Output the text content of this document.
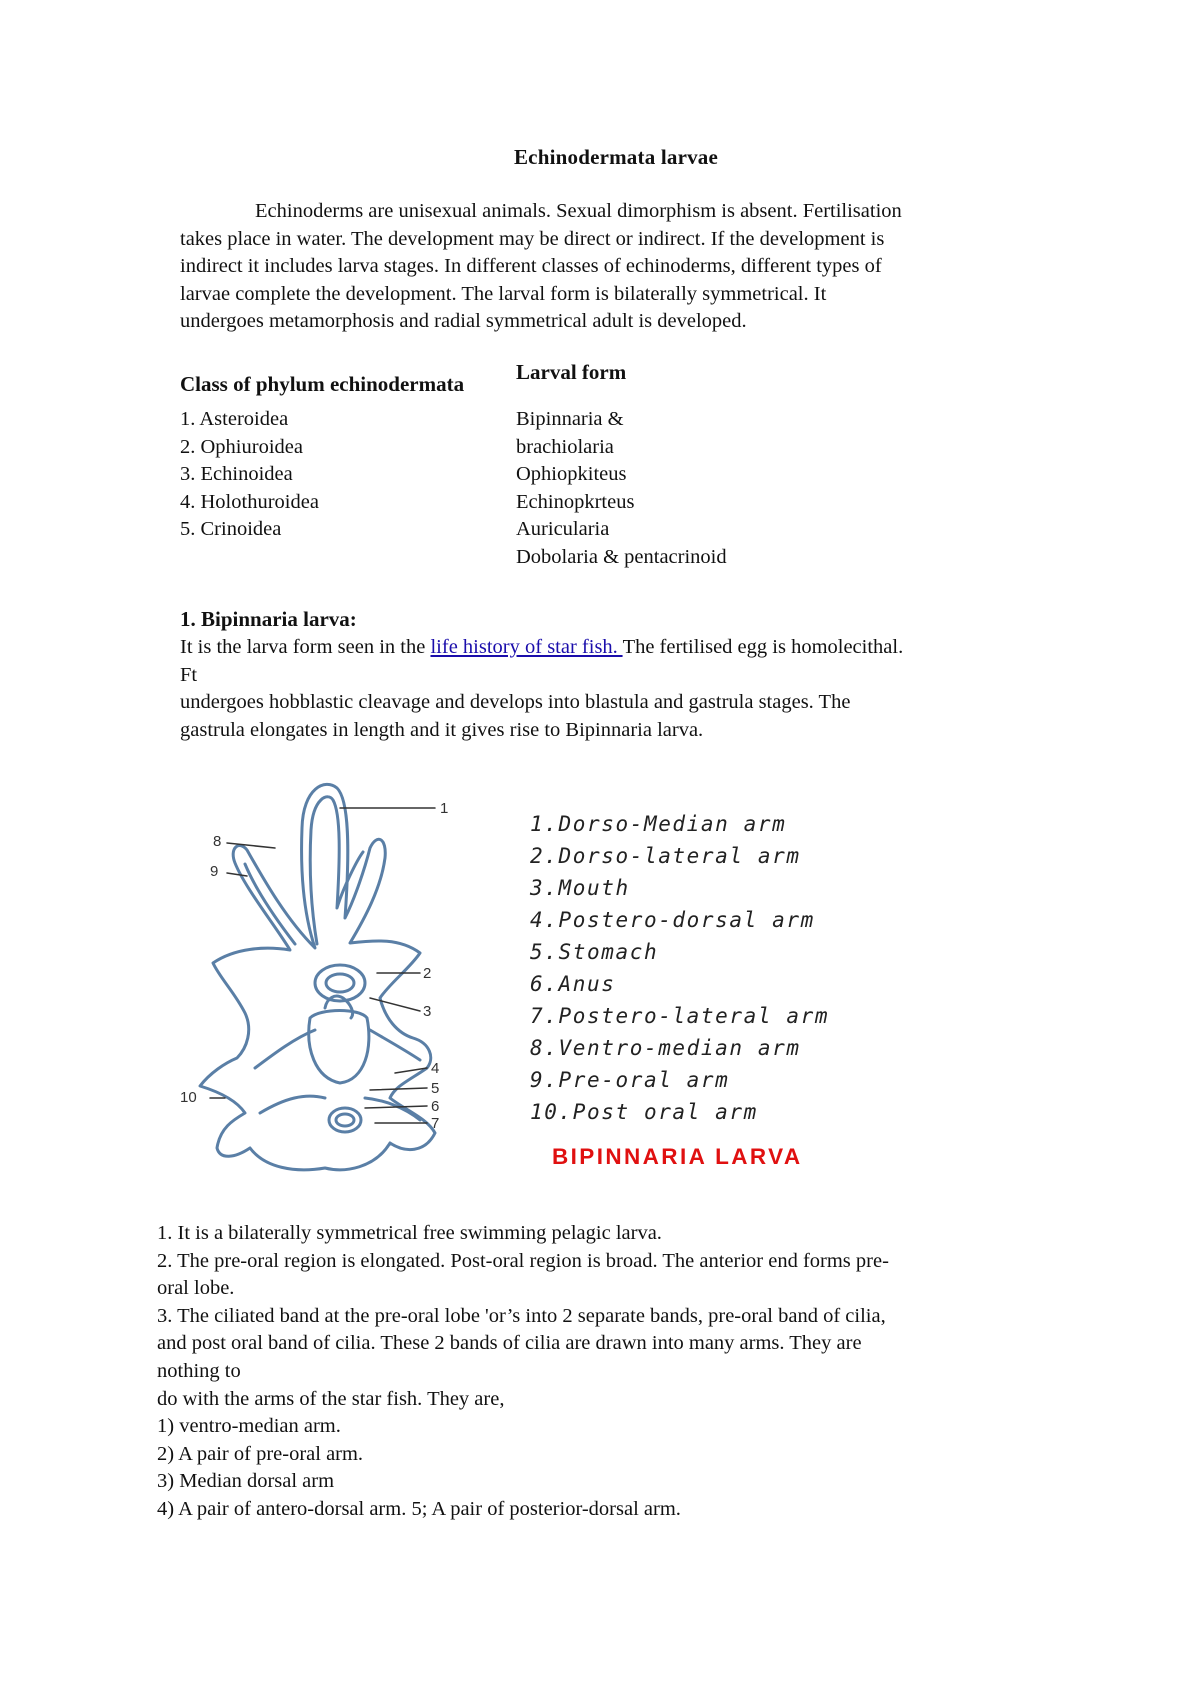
Echinodermata larvae
Echinoderms are unisexual animals. Sexual dimorphism is absent. Fertilisation
takes place in water. The development may be direct or indirect. If the development is
indirect it includes larva stages. In different classes of echinoderms, different types of
larvae complete the development. The larval form is bilaterally symmetrical. It
undergoes metamorphosis and radial symmetrical adult is developed.
Class of phylum echinodermata Larval form
1. Asteroidea
2. Ophiuroidea
3. Echinoidea
4. Holothuroidea
5. Crinoidea
Bipinnaria &
brachiolaria
Ophiopkiteus
Echinopkrteus
Auricularia
Dobolaria & pentacrinoid
1. Bipinnaria larva:
It is the larva form seen in the life history of star fish. The fertilised egg is homolecithal.
Ft
undergoes hobblastic cleavage and develops into blastula and gastrula stages. The
gastrula elongates in length and it gives rise to Bipinnaria larva.
1
2
3
4
5
6
7
8
9
10
1.Dorso-Median arm
2.Dorso-lateral arm
3.Mouth
4.Postero-dorsal arm
5.Stomach
6.Anus
7.Postero-lateral arm
8.Ventro-median arm
9.Pre-oral arm
10.Post oral arm
BIPINNARIA LARVA
1. It is a bilaterally symmetrical free swimming pelagic larva.
2. The pre-oral region is elongated. Post-oral region is broad. The anterior end forms pre-
oral lobe.
3. The ciliated band at the pre-oral lobe 'or’s into 2 separate bands, pre-oral band of cilia,
and post oral band of cilia. These 2 bands of cilia are drawn into many arms. They are
nothing to
do with the arms of the star fish. They are,
1) ventro-median arm.
2) A pair of pre-oral arm.
3) Median dorsal arm
4) A pair of antero-dorsal arm. 5; A pair of posterior-dorsal arm.
